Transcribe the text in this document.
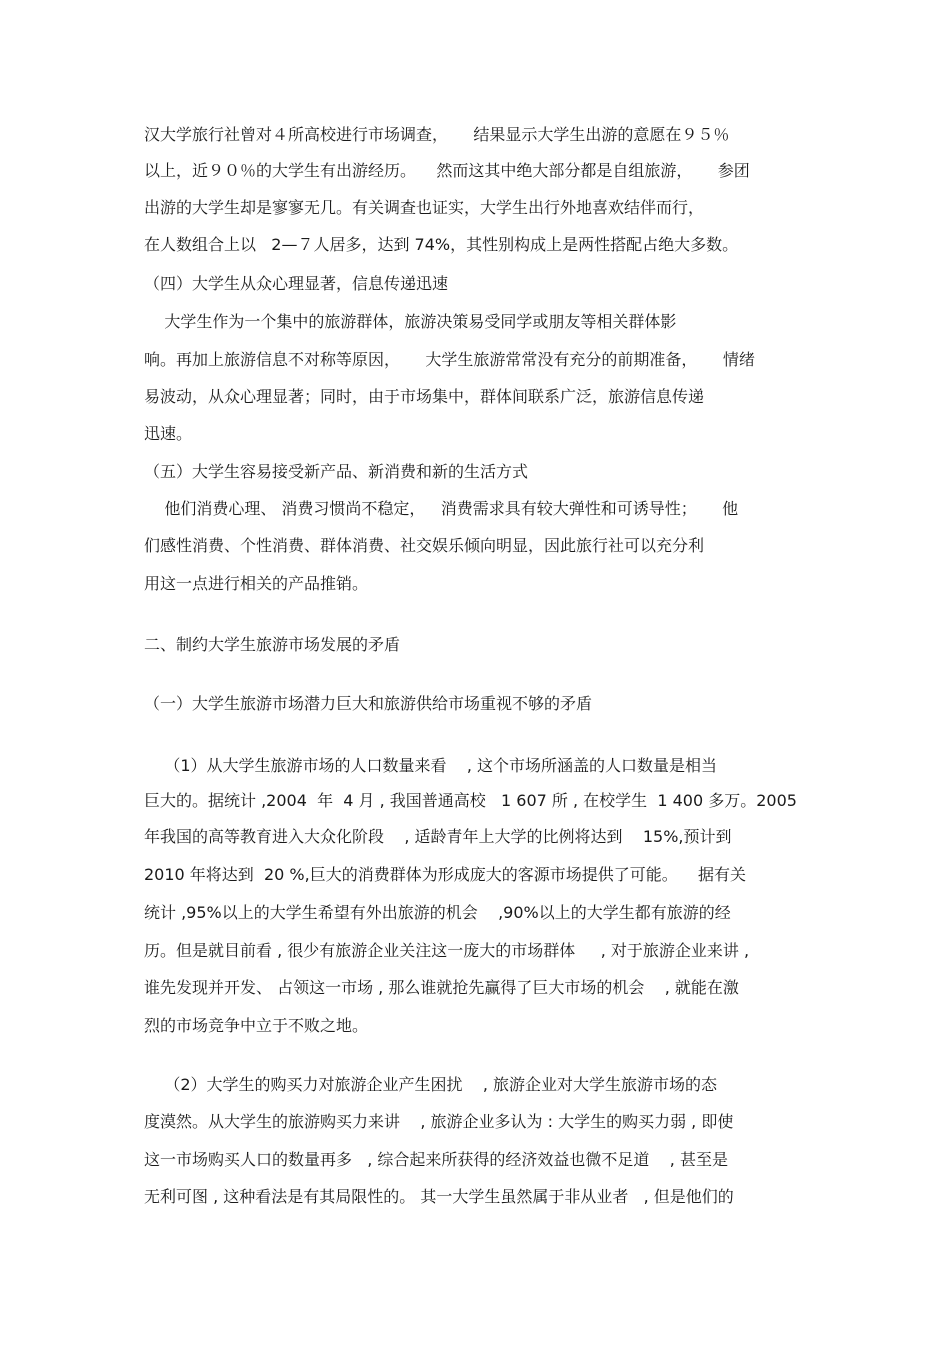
汉大学旅行社曾对４所高校进行市场调查，     结果显示大学生出游的意愿在９５％
以上，近９０％的大学生有出游经历。    然而这其中绝大部分都是自组旅游，     参团
出游的大学生却是寥寥无几。有关调查也证实，大学生出行外地喜欢结伴而行，
在人数组合上以   2—７人居多，达到 74%，其性别构成上是两性搭配占绝大多数。
（四）大学生从众心理显著，信息传递迅速
大学生作为一个集中的旅游群体，旅游决策易受同学或朋友等相关群体影
响。再加上旅游信息不对称等原因，     大学生旅游常常没有充分的前期准备，     情绪
易波动，从众心理显著；同时，由于市场集中，群体间联系广泛，旅游信息传递
迅速。
（五）大学生容易接受新产品、新消费和新的生活方式
他们消费心理、 消费习惯尚不稳定，   消费需求具有较大弹性和可诱导性；     他
们感性消费、个性消费、群体消费、社交娱乐倾向明显，因此旅行社可以充分利
用这一点进行相关的产品推销。
二、制约大学生旅游市场发展的矛盾
（一）大学生旅游市场潜力巨大和旅游供给市场重视不够的矛盾
（1）从大学生旅游市场的人口数量来看    , 这个市场所涵盖的人口数量是相当
巨大的。据统计 ,2004  年  4 月 , 我国普通高校   1 607 所 , 在校学生  1 400 多万。2005
年我国的高等教育进入大众化阶段    , 适龄青年上大学的比例将达到    15%,预计到
2010 年将达到  20 %,巨大的消费群体为形成庞大的客源市场提供了可能。    据有关
统计 ,95%以上的大学生希望有外出旅游的机会    ,90%以上的大学生都有旅游的经
历。但是就目前看 , 很少有旅游企业关注这一庞大的市场群体     , 对于旅游企业来讲 ,
谁先发现并开发、 占领这一市场 , 那么谁就抢先赢得了巨大市场的机会    , 就能在激
烈的市场竞争中立于不败之地。
（2）大学生的购买力对旅游企业产生困扰    , 旅游企业对大学生旅游市场的态
度漠然。从大学生的旅游购买力来讲    , 旅游企业多认为 : 大学生的购买力弱 , 即使
这一市场购买人口的数量再多   , 综合起来所获得的经济效益也微不足道    , 甚至是
无利可图 , 这种看法是有其局限性的。 其一大学生虽然属于非从业者   , 但是他们的
